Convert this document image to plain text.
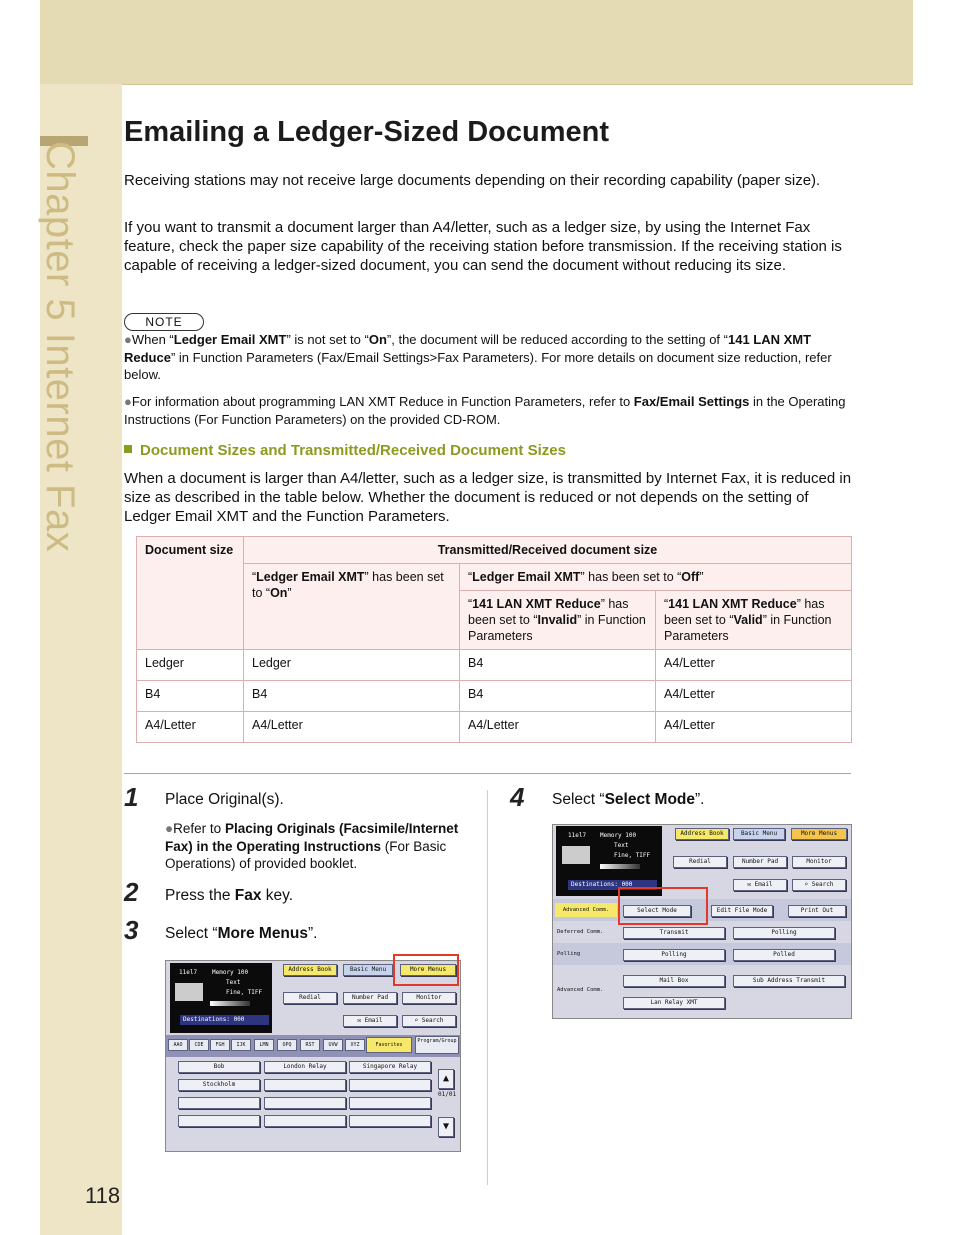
Chapter 5 Internet Fax
Emailing a Ledger-Sized Document

Receiving stations may not receive large documents depending on their recording capability (paper size).

If you want to transmit a document larger than A4/letter, such as a ledger size, by using the Internet Fax feature, check the paper size capability of the receiving station before transmission. If the receiving station is capable of receiving a ledger-sized document, you can send the document without reducing its size.

NOTE
●When “Ledger Email XMT” is not set to “On”, the document will be reduced according to the setting of “141 LAN XMT Reduce” in Function Parameters (Fax/Email Settings>Fax Parameters). For more details on document size reduction, refer below.
●For information about programming LAN XMT Reduce in Function Parameters, refer to Fax/Email Settings in the Operating Instructions (For Function Parameters) on the provided CD-ROM.
Document Sizes and Transmitted/Received Document Sizes

When a document is larger than A4/letter, such as a ledger size, is transmitted by Internet Fax, it is reduced in size as described in the table below. Whether the document is reduced or not depends on the setting of Ledger Email XMT and the Function Parameters.

Document size	Transmitted/Received document size		
	“Ledger Email XMT” has been set to “On”	“Ledger Email XMT” has been set to “Off”	
		“141 LAN XMT Reduce” has been set to “Invalid” in Function Parameters	“141 LAN XMT Reduce” has been set to “Valid” in Function Parameters
Ledger	Ledger	B4	A4/Letter
B4	B4	B4	A4/Letter
A4/Letter	A4/Letter	A4/Letter	A4/Letter
1 Place Original(s).
●Refer to Placing Originals (Facsimile/Internet Fax) in the Operating Instructions (For Basic Operations) of provided booklet.
2 Press the Fax key.
3 Select “More Menus”.
4 Select “Select Mode”.
11el7 Memory 100
Text
Fine, TIFF
Destinations: 000
Address Book	Basic Menu	More Menus
Redial	Number Pad	Monitor
✉ Email	⌕ Search
AAO	CDE	FGH	IJK	LMN	OPQ	RST	UVW	XYZ	Favorites
Program/Group
Bob	London Relay	Singapore Relay
Stockholm
▲
01/01
▼
11el7 Memory 100
Text
Fine, TIFF
Destinations: 000
Address Book	Basic Menu	More Menus
Redial	Number Pad	Monitor
✉ Email	⌕ Search
Advanced Comm.	Select Mode	Edit File Mode	Print Out
Deferred Comm.	Transmit	Polling
Polling	Polling	Polled
Advanced Comm.
Mail Box	Sub Address Transmit
Lan Relay XMT
118
